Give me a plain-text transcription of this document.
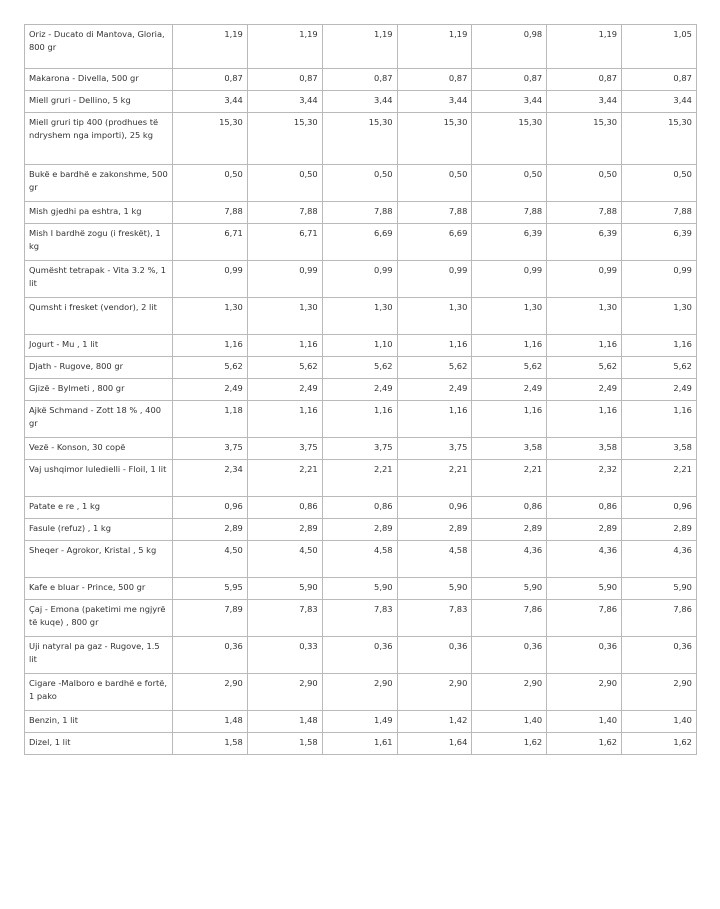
Oriz - Ducato di Mantova, Gloria, 800 gr	1,19	1,19	1,19	1,19	0,98	1,19	1,05
Makarona - Divella, 500 gr	0,87	0,87	0,87	0,87	0,87	0,87	0,87
Miell gruri - Dellino, 5 kg	3,44	3,44	3,44	3,44	3,44	3,44	3,44
Miell gruri tip 400 (prodhues të ndryshem nga importi), 25 kg	15,30	15,30	15,30	15,30	15,30	15,30	15,30
Bukë e bardhë e zakonshme, 500 gr	0,50	0,50	0,50	0,50	0,50	0,50	0,50
Mish gjedhi pa eshtra, 1 kg	7,88	7,88	7,88	7,88	7,88	7,88	7,88
Mish I bardhë zogu (i freskët), 1 kg	6,71	6,71	6,69	6,69	6,39	6,39	6,39
Qumësht tetrapak - Vita 3.2 %, 1 lit	0,99	0,99	0,99	0,99	0,99	0,99	0,99
Qumsht i fresket (vendor), 2 lit	1,30	1,30	1,30	1,30	1,30	1,30	1,30
Jogurt - Mu , 1 lit	1,16	1,16	1,10	1,16	1,16	1,16	1,16
Djath - Rugove, 800 gr	5,62	5,62	5,62	5,62	5,62	5,62	5,62
Gjizë - Bylmeti , 800 gr	2,49	2,49	2,49	2,49	2,49	2,49	2,49
Ajkë Schmand - Zott 18 % , 400 gr	1,18	1,16	1,16	1,16	1,16	1,16	1,16
Vezë - Konson, 30 copë	3,75	3,75	3,75	3,75	3,58	3,58	3,58
Vaj ushqimor luledielli - Floil, 1 lit	2,34	2,21	2,21	2,21	2,21	2,32	2,21
Patate e re , 1 kg	0,96	0,86	0,86	0,96	0,86	0,86	0,96
Fasule (refuz) , 1 kg	2,89	2,89	2,89	2,89	2,89	2,89	2,89
Sheqer - Agrokor, Kristal , 5 kg	4,50	4,50	4,58	4,58	4,36	4,36	4,36
Kafe e bluar - Prince, 500 gr	5,95	5,90	5,90	5,90	5,90	5,90	5,90
Çaj - Emona (paketimi me ngjyrë të kuqe) , 800 gr	7,89	7,83	7,83	7,83	7,86	7,86	7,86
Uji natyral pa gaz - Rugove, 1.5 lit	0,36	0,33	0,36	0,36	0,36	0,36	0,36
Cigare -Malboro e bardhë e fortë, 1 pako	2,90	2,90	2,90	2,90	2,90	2,90	2,90
Benzin, 1 lit	1,48	1,48	1,49	1,42	1,40	1,40	1,40
Dizel, 1 lit	1,58	1,58	1,61	1,64	1,62	1,62	1,62
